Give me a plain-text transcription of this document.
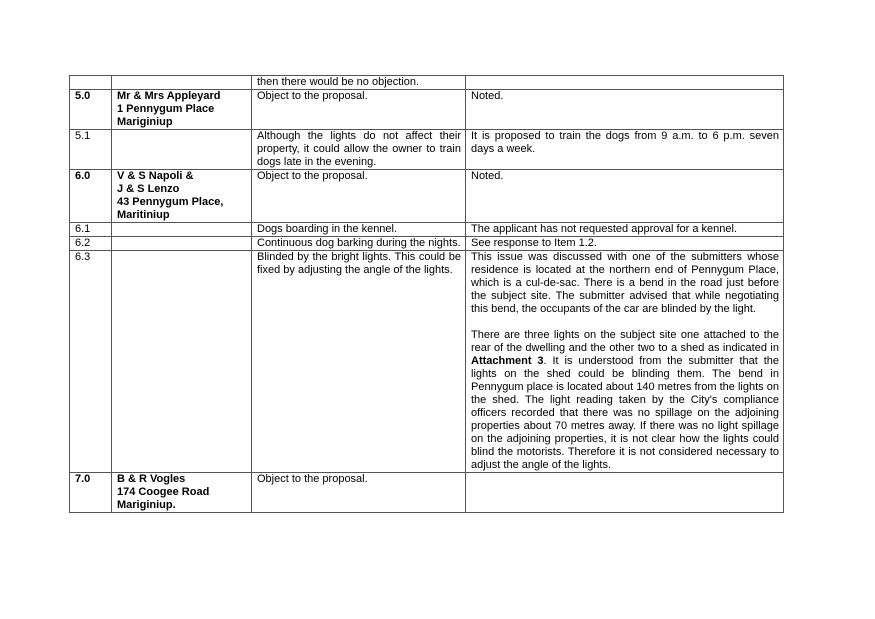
		then there would be no objection.	
5.0	Mr & Mrs Appleyard
1 Pennygum Place
Mariginiup	Object to the proposal.	Noted.
5.1		Although the lights do not affect their property, it could allow the owner to train dogs late in the evening.	It is proposed to train the dogs from 9 a.m. to 6 p.m. seven days a week.
6.0	V & S Napoli &
J & S Lenzo
43 Pennygum Place,
Maritiniup	Object to the proposal.	Noted.
6.1		Dogs boarding in the kennel.	The applicant has not requested approval for a kennel.
6.2		Continuous dog barking during the nights.	See response to Item 1.2.
6.3		Blinded by the bright lights. This could be fixed by adjusting the angle of the lights.	This issue was discussed with one of the submitters whose residence is located at the northern end of Pennygum Place, which is a cul-de-sac. There is a bend in the road just before the subject site. The submitter advised that while negotiating this bend, the occupants of the car are blinded by the light.

There are three lights on the subject site one attached to the rear of the dwelling and the other two to a shed as indicated in Attachment 3. It is understood from the submitter that the lights on the shed could be blinding them. The bend in Pennygum place is located about 140 metres from the lights on the shed. The light reading taken by the City's compliance officers recorded that there was no spillage on the adjoining properties about 70 metres away. If there was no light spillage on the adjoining properties, it is not clear how the lights could blind the motorists. Therefore it is not considered necessary to adjust the angle of the lights.

7.0	B & R Vogles
174 Coogee Road
Mariginiup.	Object to the proposal.	
